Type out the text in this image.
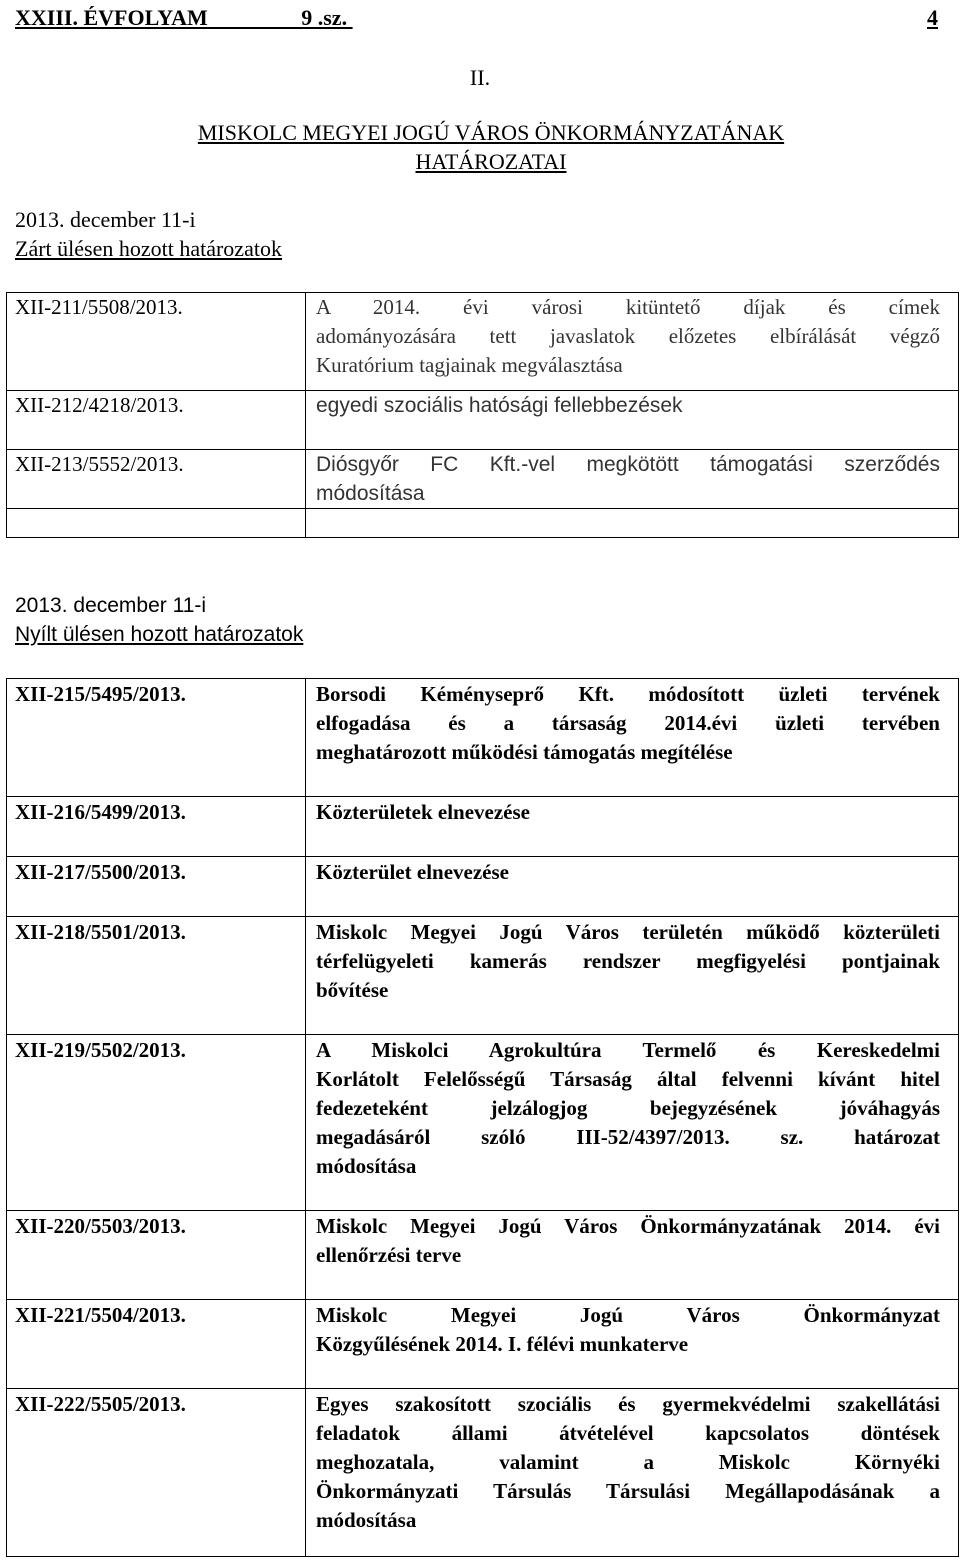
XXIII. ÉVFOLYAM                 9 .sz.	4
II.
MISKOLC MEGYEI JOGÚ VÁROS ÖNKORMÁNYZATÁNAK
HATÁROZATAI
2013. december 11-i
Zárt ülésen hozott határozatok
XII-211/5508/2013.	A 2014. évi városi kitüntető díjak és címek
adományozására tett javaslatok előzetes elbírálását végző
Kuratórium tagjainak megválasztása

XII-212/4218/2013.	egyedi szociális hatósági fellebbezések

XII-213/5552/2013.	Diósgyőr FC Kft.-vel megkötött támogatási szerződés
módosítása

2013. december 11-i
Nyílt ülésen hozott határozatok
XII-215/5495/2013.	Borsodi Kéményseprő Kft. módosított üzleti tervének
elfogadása és a társaság 2014.évi üzleti tervében
meghatározott működési támogatás megítélése

XII-216/5499/2013.	Közterületek elnevezése

XII-217/5500/2013.	Közterület elnevezése

XII-218/5501/2013.	Miskolc Megyei Jogú Város területén működő közterületi
térfelügyeleti kamerás rendszer megfigyelési pontjainak
bővítése

XII-219/5502/2013.	A Miskolci Agrokultúra Termelő és Kereskedelmi
Korlátolt Felelősségű Társaság által felvenni kívánt hitel
fedezeteként jelzálogjog bejegyzésének jóváhagyás
megadásáról szóló III-52/4397/2013. sz. határozat
módosítása

XII-220/5503/2013.	Miskolc Megyei Jogú Város Önkormányzatának 2014. évi
ellenőrzési terve

XII-221/5504/2013.	Miskolc Megyei Jogú Város Önkormányzat
Közgyűlésének 2014. I. félévi munkaterve

XII-222/5505/2013.	Egyes szakosított szociális és gyermekvédelmi szakellátási
feladatok állami átvételével kapcsolatos döntések
meghozatala, valamint a Miskolc Környéki
Önkormányzati Társulás Társulási Megállapodásának a
módosítása
